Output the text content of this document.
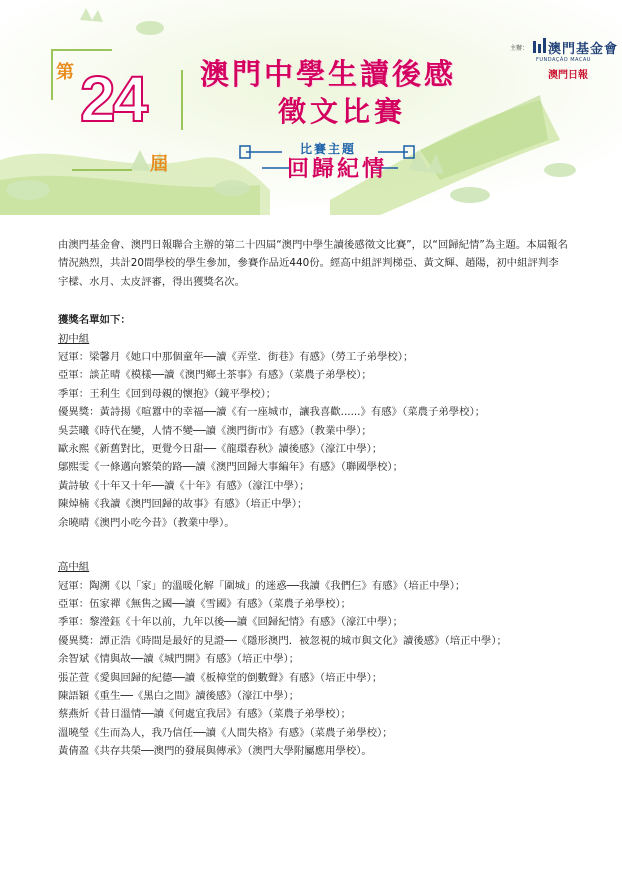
第 24
屆
澳門中學生讀後感
徵文比賽
比賽主題
回歸紀情
主辦： 澳門基金會
FUNDAÇÃO MACAU
澳門日報

由澳門基金會、澳門日報聯合主辦的第二十四屆“澳門中學生讀後感徵文比賽”，以“回歸紀情”為主題。本屆報名情況熱烈，共計20間學校的學生參加，參賽作品近440份。經高中組評判梯亞、黃文輝、趙陽，初中組評判李宇樑、水月、太皮評審，得出獲獎名次。

獲獎名單如下：

初中組

冠軍：梁馨月《她口中那個童年──讀《弄堂．街巷》有感》（勞工子弟學校）；

亞軍：談芷晴《模樣──讀《澳門鄉土茶事》有感》（菜農子弟學校）；

季軍：王利生《回到母親的懷抱》（鏡平學校）；

優異獎：黃詩揚《喧囂中的幸福──讀《有一座城市，讓我喜歡......》有感》（菜農子弟學校）；

吳芸曦《時代在變，人情不變──讀《澳門街市》有感》（教業中學）；

歐永熙《新舊對比，更覺今日甜──《龍環舂秋》讀後感》（濠江中學）；

鄔熙雯《一條邁向繁榮的路──讀《澳門回歸大事編年》有感》（聯國學校）；

黃詩敏《十年又十年──讀《十年》有感》（濠江中學）；

陳焯楠《我讀《澳門回歸的故事》有感》（培正中學）；

余曉晴《澳門小吃今昔》（教業中學）。

高中組

冠軍：陶溯《以「家」的溫暖化解「圍城」的迷惑──我讀《我們仨》有感》（培正中學）；

亞軍：伍家禪《無售之國──讀《雪國》有感》（菜農子弟學校）；

季軍：黎瀅鈺《十年以前，九年以後──讀《回歸紀情》有感》（濠江中學）；

優異獎：譚正浩《時間是最好的見證──《隱形澳門．被忽視的城市與文化》讀後感》（培正中學）；

余智斌《情與故──讀《城門開》有感》（培正中學）；

張芷萱《愛與回歸的紀德──讀《板樟堂的倒數聲》有感》（培正中學）；

陳語穎《重生──《黑白之間》讀後感》（濠江中學）；

蔡燕炘《昔日溫情──讀《何處宜我居》有感》（菜農子弟學校）；

溫曉瑩《生而為人，我乃信任──讀《人間失格》有感》（菜農子弟學校）；

黃倩盈《共存共榮──澳門的發展與傳承》（澳門大學附屬應用學校）。
